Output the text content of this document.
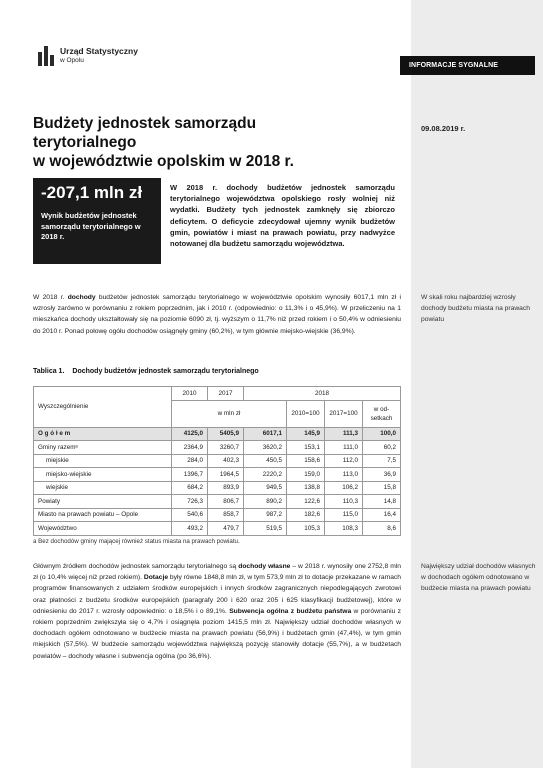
Urząd Statystyczny
w Opolu
INFORMACJE SYGNALNE
Budżety jednostek samorządu terytorialnego
w województwie opolskim w 2018 r.
09.08.2019 r.
-207,1 mln zł
Wynik budżetów jednostek samorządu terytorialnego w 2018 r.
W 2018 r. dochody budżetów jednostek samorządu terytorialnego województwa opolskiego rosły wolniej niż wydatki. Budżety tych jednostek zamknęły się zbiorczo deficytem. O deficycie zdecydował ujemny wynik budżetów gmin, powiatów i miast na prawach powiatu, przy nadwyżce notowanej dla budżetu samorządu województwa.
W 2018 r. dochody budżetów jednostek samorządu terytorialnego w województwie opolskim wynosiły 6017,1 mln zł i wzrosły zarówno w porównaniu z rokiem poprzednim, jak i 2010 r. (odpowiednio: o 11,3% i o 45,9%). W przeliczeniu na 1 mieszkańca dochody ukształtowały się na poziomie 6090 zł, tj. wyższym o 11,7% niż przed rokiem i o 50,4% w odniesieniu do 2010 r. Ponad połowę ogółu dochodów osiągnęły gminy (60,2%), w tym głównie miejsko-wiejskie (36,9%).
W skali roku najbardziej wzrosły dochody budżetu miasta na prawach powiatu
Tablica 1. Dochody budżetów jednostek samorządu terytorialnego
Wyszczególnienie	2010	2017	2018			
	w mln zł			2010=100	2017=100	w od-setkach
O g ó ł e m	4125,0	5405,9	6017,1	145,9	111,3	100,0
Gminy razemᵃ	2364,9	3260,7	3620,2	153,1	111,0	60,2
miejskie	284,0	402,3	450,5	158,6	112,0	7,5
miejsko-wiejskie	1396,7	1964,5	2220,2	159,0	113,0	36,9
wiejskie	684,2	893,9	949,5	138,8	106,2	15,8
Powiaty	726,3	806,7	890,2	122,6	110,3	14,8
Miasto na prawach powiatu – Opole	540,6	858,7	987,2	182,6	115,0	16,4
Województwo	493,2	479,7	519,5	105,3	108,3	8,6
a Bez dochodów gminy mającej również status miasta na prawach powiatu.
Głównym źródłem dochodów jednostek samorządu terytorialnego są dochody własne – w 2018 r. wynosiły one 2752,8 mln zł (o 10,4% więcej niż przed rokiem). Dotacje były równe 1848,8 mln zł, w tym 573,9 mln zł to dotacje przekazane w ramach programów finansowanych z udziałem środków europejskich i innych środków zagranicznych niepodlegających zwrotowi oraz płatności z budżetu środków europejskich (paragrafy 200 i 620 oraz 205 i 625 klasyfikacji budżetowej), które w odniesieniu do 2017 r. wzrosły odpowiednio: o 18,5% i o 89,1%. Subwencja ogólna z budżetu państwa w porównaniu z rokiem poprzednim zwiększyła się o 4,7% i osiągnęła poziom 1415,5 mln zł. Największy udział dochodów własnych w dochodach ogółem odnotowano w budżecie miasta na prawach powiatu (56,9%) i budżetach gmin (47,4%), w tym gmin miejskich (57,5%). W budżecie samorządu województwa największą pozycję stanowiły dotacje (55,7%), a w budżetach powiatów – dochody własne i subwencja ogólna (po 36,6%).
Największy udział dochodów własnych w dochodach ogółem odnotowano w budżecie miasta na prawach powiatu
